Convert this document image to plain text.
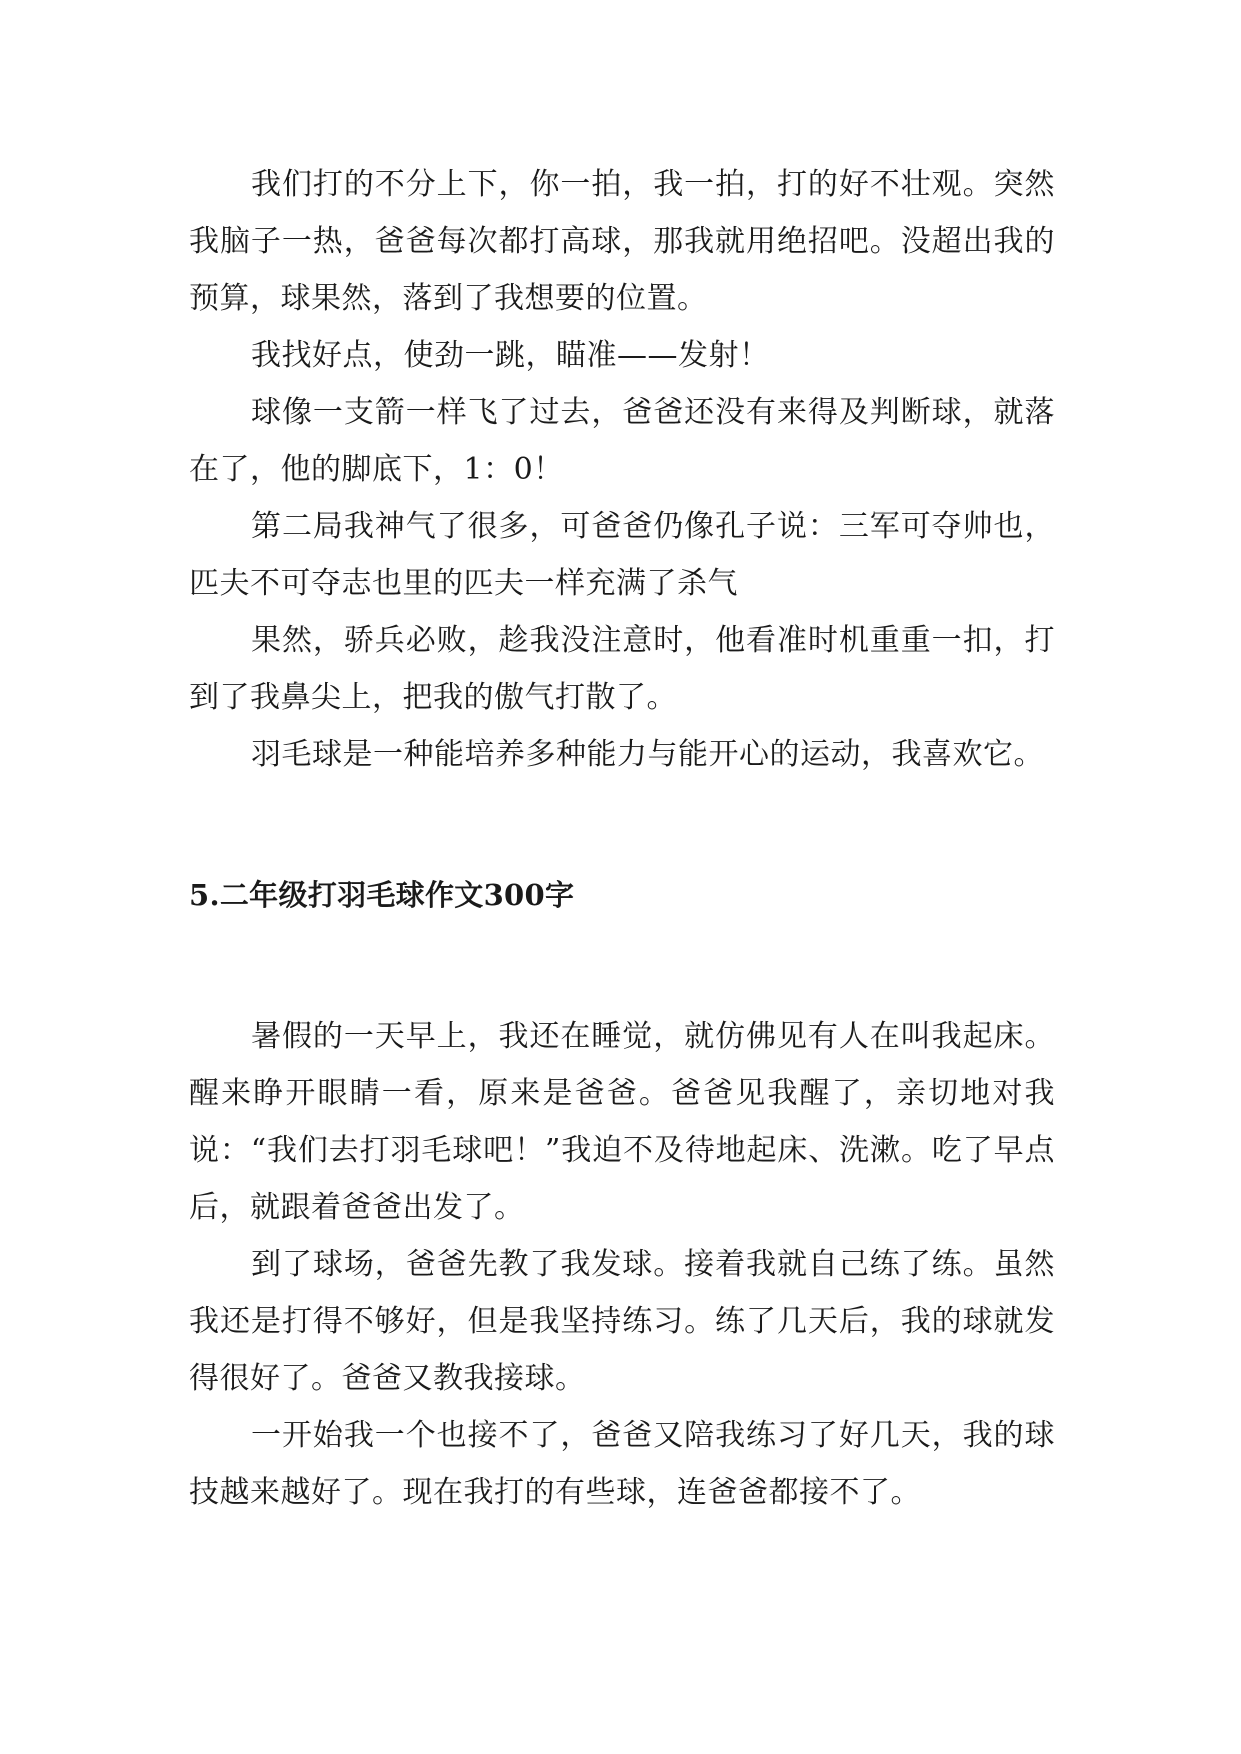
我们打的不分上下，你一拍，我一拍，打的好不壮观。突然我脑子一热，爸爸每次都打高球，那我就用绝招吧。没超出我的预算，球果然，落到了我想要的位置。

我找好点，使劲一跳，瞄准——发射！

球像一支箭一样飞了过去，爸爸还没有来得及判断球，就落在了，他的脚底下，1：0！

第二局我神气了很多，可爸爸仍像孔子说：三军可夺帅也，匹夫不可夺志也里的匹夫一样充满了杀气

果然，骄兵必败，趁我没注意时，他看准时机重重一扣，打　到了我鼻尖上，把我的傲气打散了。

羽毛球是一种能培养多种能力与能开心的运动，我喜欢它。

5.二年级打羽毛球作文300字

暑假的一天早上，我还在睡觉，就仿佛见有人在叫我起床。醒来睁开眼睛一看，原来是爸爸。爸爸见我醒了，亲切地对我说：“我们去打羽毛球吧！”我迫不及待地起床、洗漱。吃了早点后，就跟着爸爸出发了。

到了球场，爸爸先教了我发球。接着我就自己练了练。虽然我还是打得不够好，但是我坚持练习。练了几天后，我的球就发得很好了。爸爸又教我接球。

一开始我一个也接不了，爸爸又陪我练习了好几天，我的球技越来越好了。现在我打的有些球，连爸爸都接不了。
